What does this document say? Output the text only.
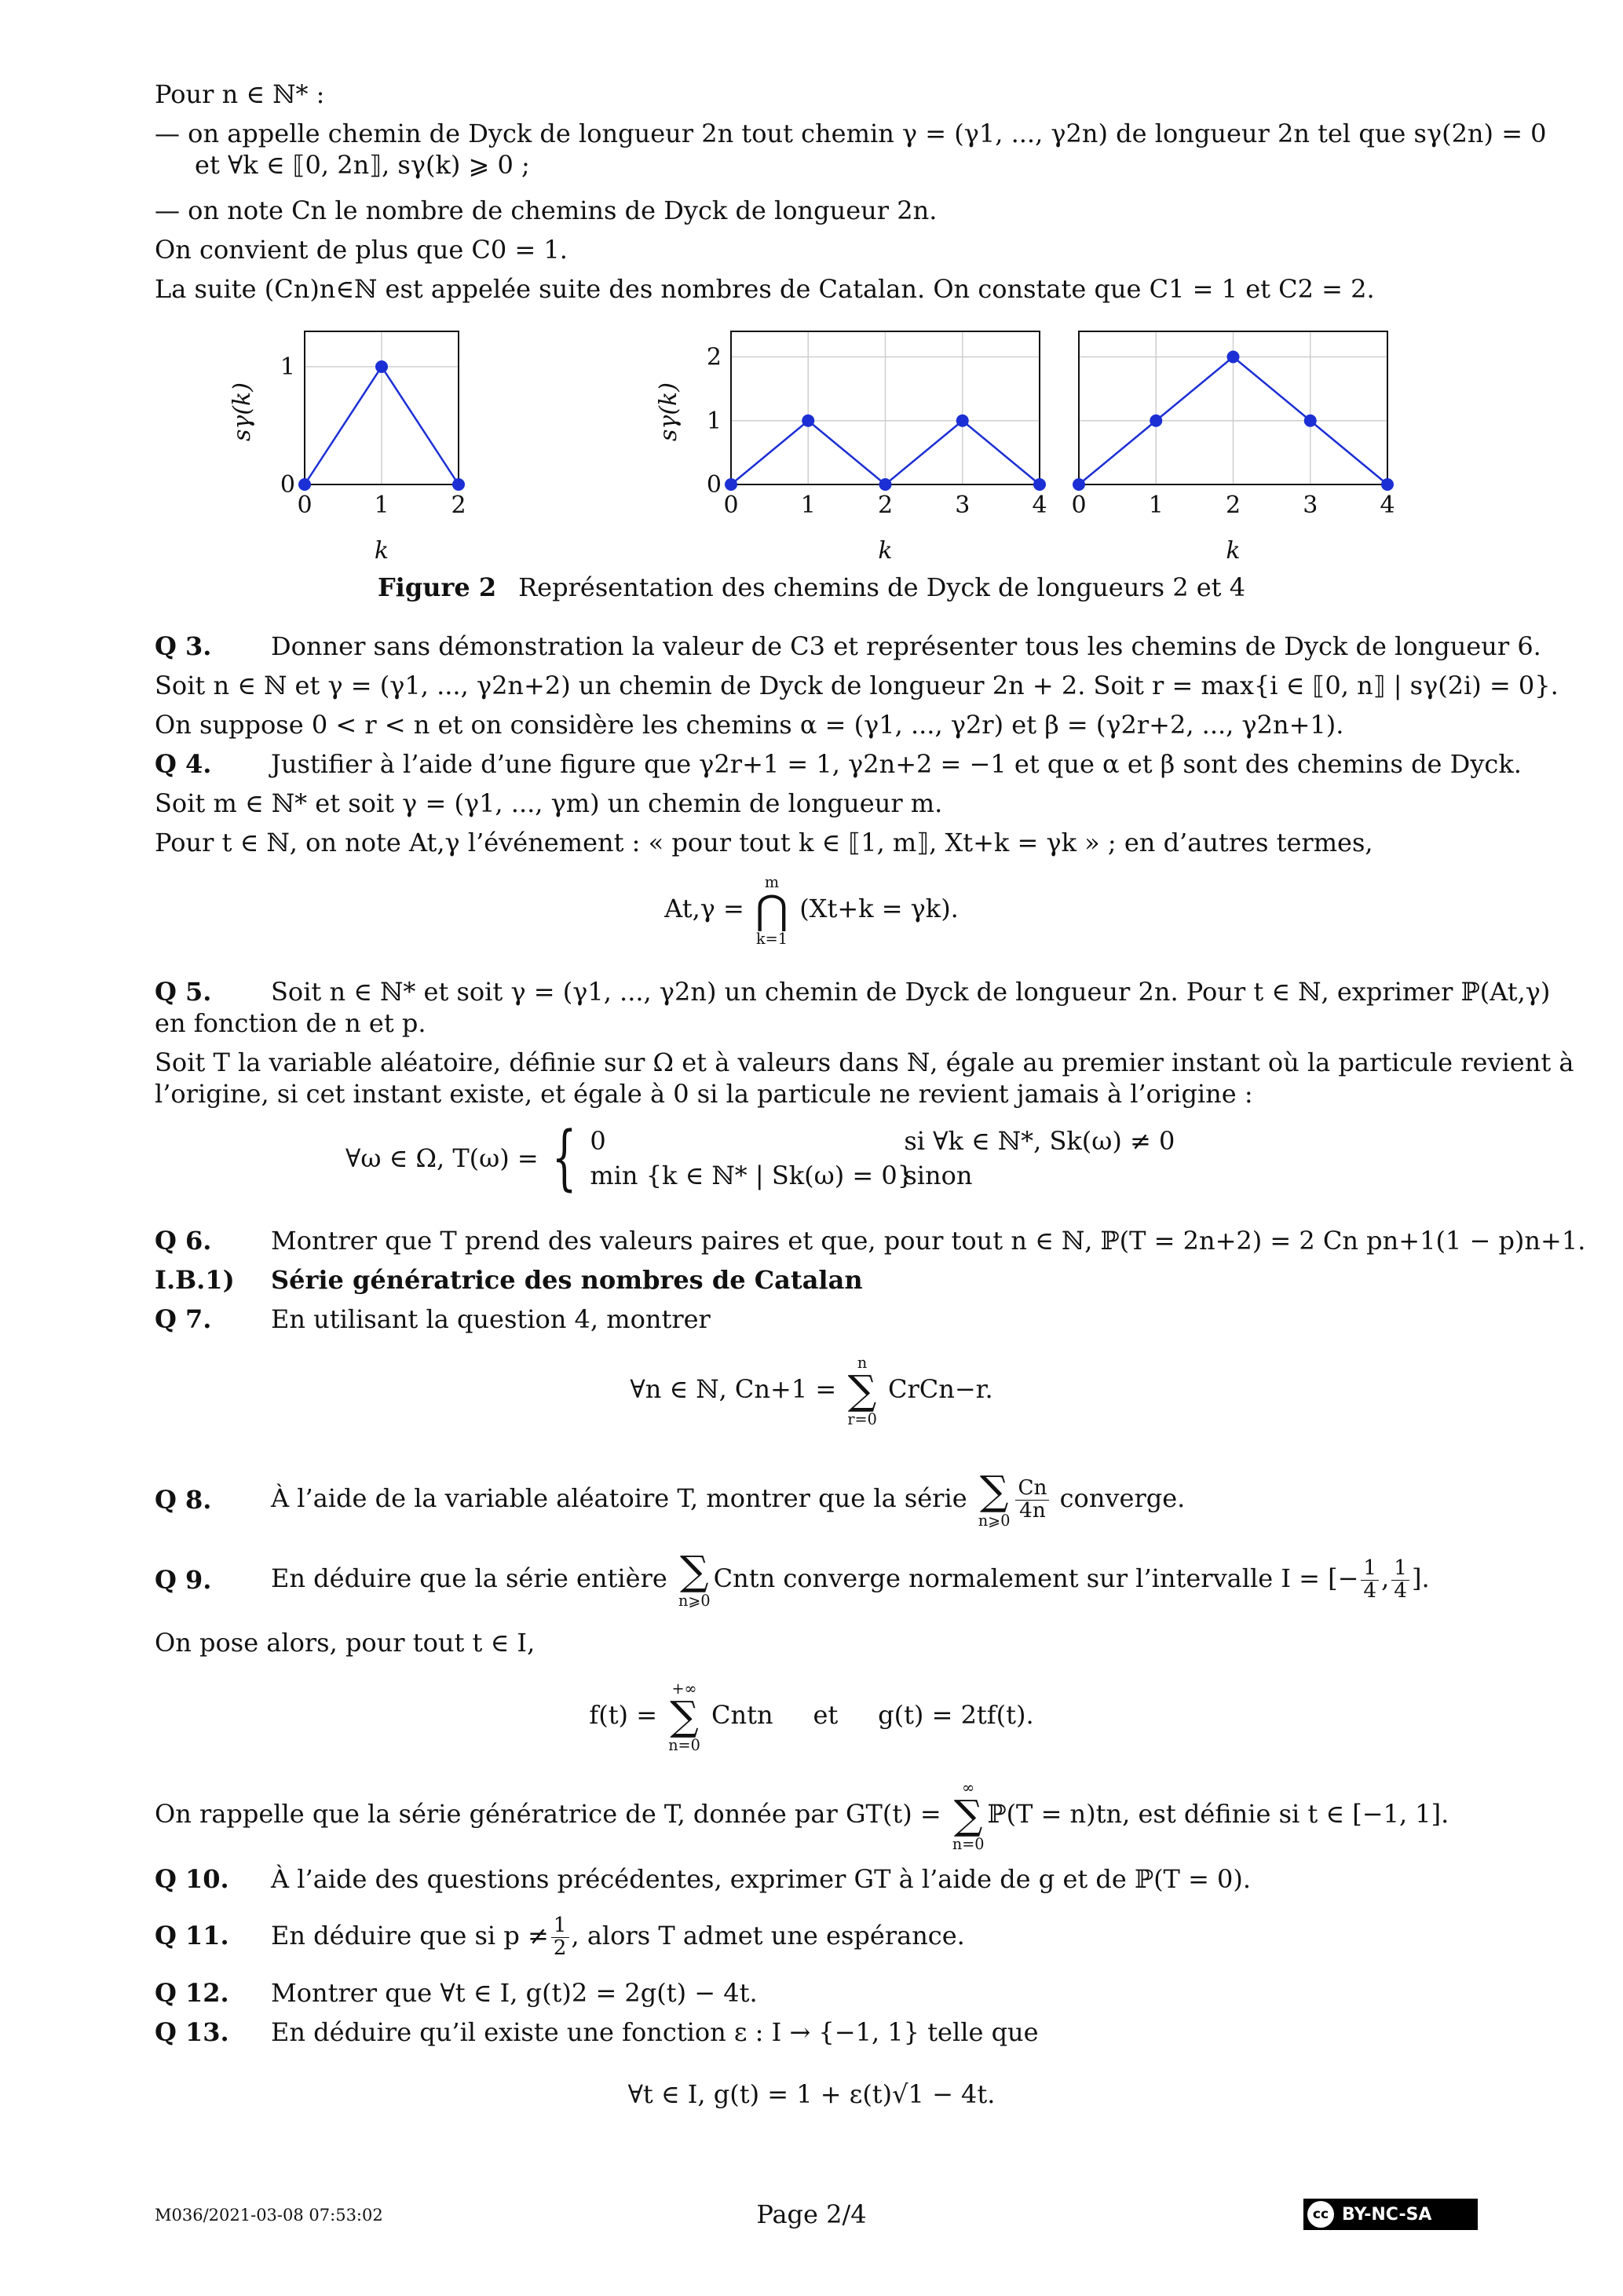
Pour n ∈ ℕ* :
— on appelle chemin de Dyck de longueur 2n tout chemin γ = (γ1, ..., γ2n) de longueur 2n tel que sγ(2n) = 0
et ∀k ∈ ⟦0, 2n⟧, sγ(k) ⩾ 0 ;
— on note Cn le nombre de chemins de Dyck de longueur 2n.
On convient de plus que C0 = 1.
La suite (Cn)n∈ℕ est appelée suite des nombres de Catalan. On constate que C1 = 1 et C2 = 2.
0	1	2
0
1
k
sγ(k)
0	1	2	3	4
0
1
2
k
sγ(k)
0	1	2	3	4
k
Figure 2 Représentation des chemins de Dyck de longueurs 2 et 4
Q 3. Donner sans démonstration la valeur de C3 et représenter tous les chemins de Dyck de longueur 6.
Soit n ∈ ℕ et γ = (γ1, ..., γ2n+2) un chemin de Dyck de longueur 2n + 2. Soit r = max{i ∈ ⟦0, n⟧ | sγ(2i) = 0}.
On suppose 0 < r < n et on considère les chemins α = (γ1, ..., γ2r) et β = (γ2r+2, ..., γ2n+1).
Q 4. Justifier à l’aide d’une figure que γ2r+1 = 1, γ2n+2 = −1 et que α et β sont des chemins de Dyck.
Soit m ∈ ℕ* et soit γ = (γ1, ..., γm) un chemin de longueur m.
Pour t ∈ ℕ, on note At,γ l’événement : « pour tout k ∈ ⟦1, m⟧, Xt+k = γk » ; en d’autres termes,
At,γ =
m
⋂
k=1
(Xt+k = γk).
Q 5. Soit n ∈ ℕ* et soit γ = (γ1, ..., γ2n) un chemin de Dyck de longueur 2n. Pour t ∈ ℕ, exprimer ℙ(At,γ)
en fonction de n et p.
Soit T la variable aléatoire, définie sur Ω et à valeurs dans ℕ, égale au premier instant où la particule revient à
l’origine, si cet instant existe, et égale à 0 si la particule ne revient jamais à l’origine :
∀ω ∈ Ω, T(ω) = { 0	si ∀k ∈ ℕ*, Sk(ω) ≠ 0
min {k ∈ ℕ* | Sk(ω) = 0}sinon
Q 6. Montrer que T prend des valeurs paires et que, pour tout n ∈ ℕ, ℙ(T = 2n+2) = 2 Cn pn+1(1 − p)n+1.
I.B.1) Série génératrice des nombres de Catalan
Q 7. En utilisant la question 4, montrer
∀n ∈ ℕ, Cn+1 =
n
∑
r=0
CrCn−r.
Q 8. À l’aide de la variable aléatoire T, montrer que la série ∑
n⩾0 $\frac{Cn}{4n}$ converge.
Q 9. En déduire que la série entière ∑
n⩾0
Cntn converge normalement sur l’intervalle I = [− $\frac{1}{4}$ , $\frac{1}{4}$ ].
On pose alors, pour tout t ∈ I,
f(t) =
+∞
∑
n=0
Cntn     et     g(t) = 2tf(t).
On rappelle que la série génératrice de T, donnée par GT(t) =
∞
∑
n=0
ℙ(T = n)tn, est définie si t ∈ [−1, 1].
Q 10. À l’aide des questions précédentes, exprimer GT à l’aide de g et de ℙ(T = 0).
Q 11. En déduire que si $p \ne \frac{1}{2}$ , alors T admet une espérance.
Q 12. Montrer que ∀t ∈ I, g(t)2 = 2g(t) − 4t.
Q 13. En déduire qu’il existe une fonction ε : I → {−1, 1} telle que
∀t ∈ I, g(t) = 1 + ε(t)√1 − 4t.
M036/2021-03-08 07:53:02	Page 2/4	cc BY-NC-SA
